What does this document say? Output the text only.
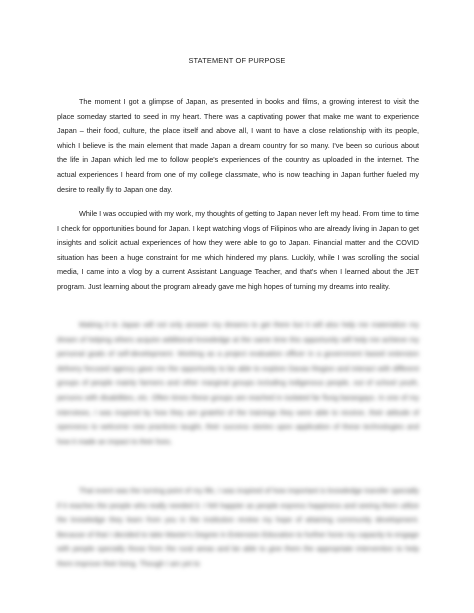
STATEMENT OF PURPOSE

The moment I got a glimpse of Japan, as presented in books and films, a growing interest to visit the place someday started to seed in my heart. There was a captivating power that make me want to experience Japan – their food, culture, the place itself and above all, I want to have a close relationship with its people, which I believe is the main element that made Japan a dream country for so many. I've been so curious about the life in Japan which led me to follow people's experiences of the country as uploaded in the internet. The actual experiences I heard from one of my college classmate, who is now teaching in Japan further fueled my desire to really fly to Japan one day.

While I was occupied with my work, my thoughts of getting to Japan never left my head. From time to time I check for opportunities bound for Japan. I kept watching vlogs of Filipinos who are already living in Japan to get insights and solicit actual experiences of how they were able to go to Japan. Financial matter and the COVID situation has been a huge constraint for me which hindered my plans. Luckily, while I was scrolling the social media, I came into a vlog by a current Assistant Language Teacher, and that's when I learned about the JET program. Just learning about the program already gave me high hopes of turning my dreams into reality.

Making it to Japan will not only answer my dreams to get there but it will also help me materialize my dream of helping others acquire additional knowledge at the same time this opportunity will help me achieve my personal goals of self-development. Working as a project evaluation officer in a government based extension delivery focused agency gave me the opportunity to be able to explore Davao Region and interact with different groups of people mainly farmers and other marginal groups including indigenous people, out of school youth, persons with disabilities, etc. Often times these groups are reached in isolated far flung barangays. In one of my interviews, I was inspired by how they are grateful of the trainings they were able to receive, their attitude of openness to welcome new practices taught, their success stories upon application of these technologies and how it made an impact to their lives.

That event was the turning point of my life, I was inspired of how important is knowledge transfer specially if it reaches the people who really needed it. I felt happier as people express happiness and seeing them utilize the knowledge they learn from you in the institution review my hope of attaining community development. Because of that I decided to take Master's Degree in Extension Education to further hone my capacity to engage with people specially those from the rural areas and be able to give them the appropriate intervention to help them improve their living. Though I am yet to
